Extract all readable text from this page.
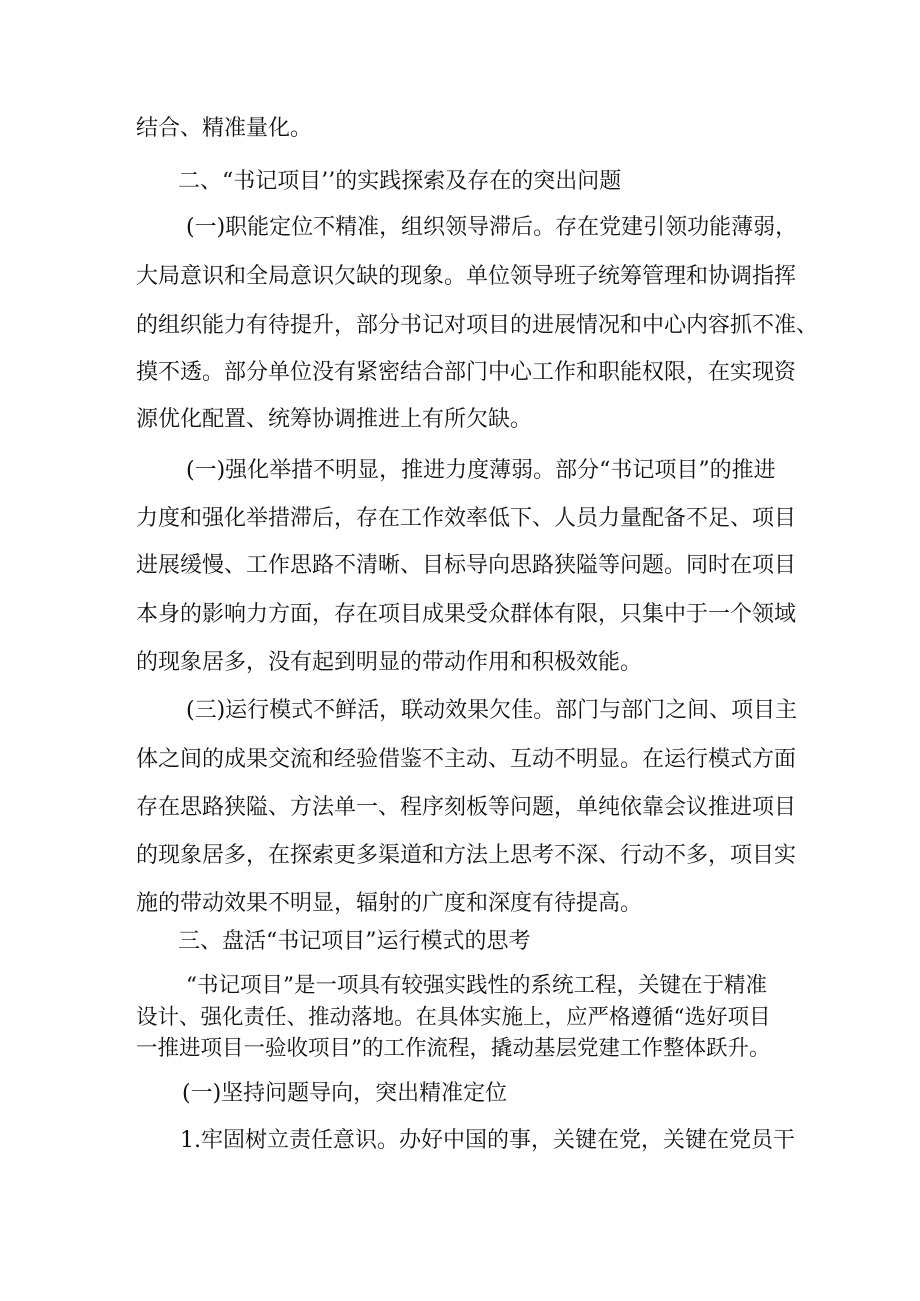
结合、精准量化。
二、“书记项目’’的实践探索及存在的突出问题
(一)职能定位不精准，组织领导滞后。存在党建引领功能薄弱，
大局意识和全局意识欠缺的现象。单位领导班子统筹管理和协调指挥
的组织能力有待提升，部分书记对项目的进展情况和中心内容抓不准、
摸不透。部分单位没有紧密结合部门中心工作和职能权限，在实现资
源优化配置、统筹协调推进上有所欠缺。
(一)强化举措不明显，推进力度薄弱。部分“书记项目”的推进
力度和强化举措滞后，存在工作效率低下、人员力量配备不足、项目
进展缓慢、工作思路不清晰、目标导向思路狭隘等问题。同时在项目
本身的影响力方面，存在项目成果受众群体有限，只集中于一个领域
的现象居多，没有起到明显的带动作用和积极效能。
(三)运行模式不鲜活，联动效果欠佳。部门与部门之间、项目主
体之间的成果交流和经验借鉴不主动、互动不明显。在运行模式方面
存在思路狭隘、方法单一、程序刻板等问题，单纯依靠会议推进项目
的现象居多，在探索更多渠道和方法上思考不深、行动不多，项目实
施的带动效果不明显，辐射的广度和深度有待提高。
三、盘活“书记项目”运行模式的思考
“书记项目”是一项具有较强实践性的系统工程，关键在于精准
设计、强化责任、推动落地。在具体实施上，应严格遵循“选好项目
一推进项目一验收项目”的工作流程，撬动基层党建工作整体跃升。
(一)坚持问题导向，突出精准定位
1.牢固树立责任意识。办好中国的事，关键在党，关键在党员干
